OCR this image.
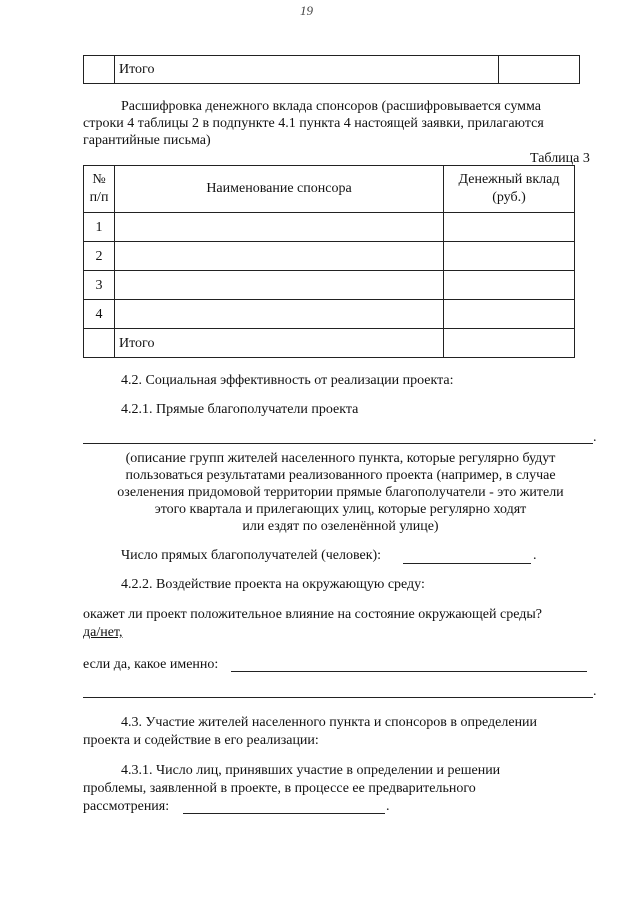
19
	Итого	
Расшифровка денежного вклада спонсоров (расшифровывается сумма
строки 4 таблицы 2 в подпункте 4.1 пункта 4 настоящей заявки, прилагаются
гарантийные письма)
Таблица 3
№ п/п	Наименование спонсора	Денежный вклад (руб.)
1		
2		
3		
4		
	Итого	
4.2. Социальная эффективность от реализации проекта:
4.2.1. Прямые благополучатели проекта
.
(описание групп жителей населенного пункта, которые регулярно будут
пользоваться результатами реализованного проекта (например, в случае
озеленения придомовой территории прямые благополучатели - это жители
этого квартала и прилегающих улиц, которые регулярно ходят
или ездят по озеленённой улице)
Число прямых благополучателей (человек):	.
4.2.2. Воздействие проекта на окружающую среду:
окажет ли проект положительное влияние на состояние окружающей среды?
да/нет,
если да, какое именно:
.
4.3. Участие жителей населенного пункта и спонсоров в определении
проекта и содействие в его реализации:
4.3.1. Число лиц, принявших участие в определении и решении
проблемы, заявленной в проекте, в процессе ее предварительного
рассмотрения:	.
